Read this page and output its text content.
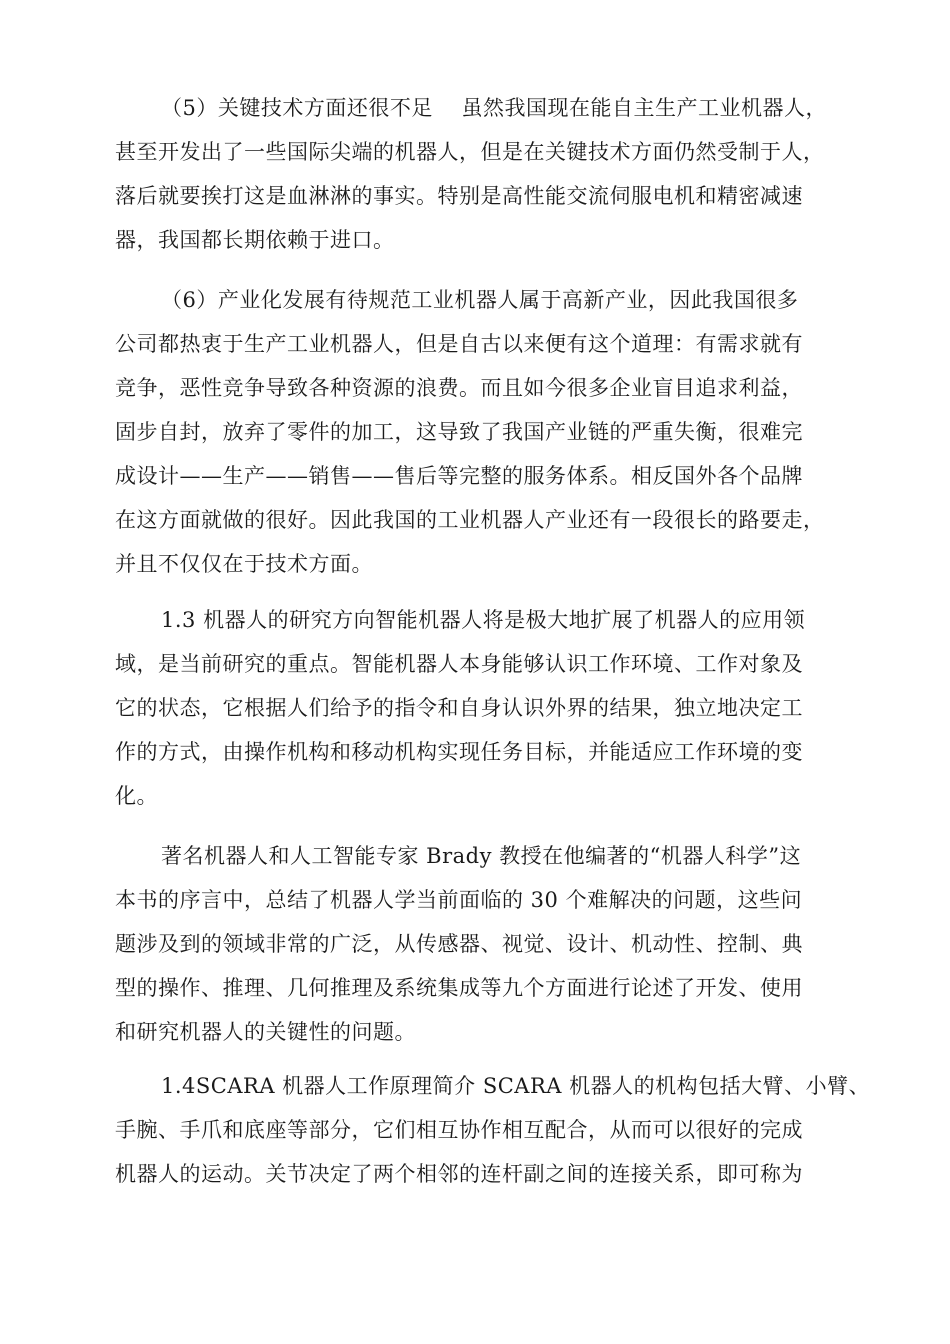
（5）关键技术方面还很不足 　虽然我国现在能自主生产工业机器人，
甚至开发出了一些国际尖端的机器人，但是在关键技术方面仍然受制于人，
落后就要挨打这是血淋淋的事实。特别是高性能交流伺服电机和精密减速
器，我国都长期依赖于进口。
（6）产业化发展有待规范工业机器人属于高新产业，因此我国很多
公司都热衷于生产工业机器人，但是自古以来便有这个道理：有需求就有
竞争，恶性竞争导致各种资源的浪费。而且如今很多企业盲目追求利益，
固步自封，放弃了零件的加工，这导致了我国产业链的严重失衡，很难完
成设计——生产——销售——售后等完整的服务体系。相反国外各个品牌
在这方面就做的很好。因此我国的工业机器人产业还有一段很长的路要走，
并且不仅仅在于技术方面。
1.3 机器人的研究方向智能机器人将是极大地扩展了机器人的应用领
域，是当前研究的重点。智能机器人本身能够认识工作环境、工作对象及
它的状态，它根据人们给予的指令和自身认识外界的结果，独立地决定工
作的方式，由操作机构和移动机构实现任务目标，并能适应工作环境的变
化。
著名机器人和人工智能专家 Brady 教授在他编著的“机器人科学”这
本书的序言中，总结了机器人学当前面临的 30 个难解决的问题，这些问
题涉及到的领域非常的广泛，从传感器、视觉、设计、机动性、控制、典
型的操作、推理、几何推理及系统集成等九个方面进行论述了开发、使用
和研究机器人的关键性的问题。
1.4SCARA 机器人工作原理简介 SCARA 机器人的机构包括大臂、小臂、
手腕、手爪和底座等部分，它们相互协作相互配合，从而可以很好的完成
机器人的运动。关节决定了两个相邻的连杆副之间的连接关系，即可称为
